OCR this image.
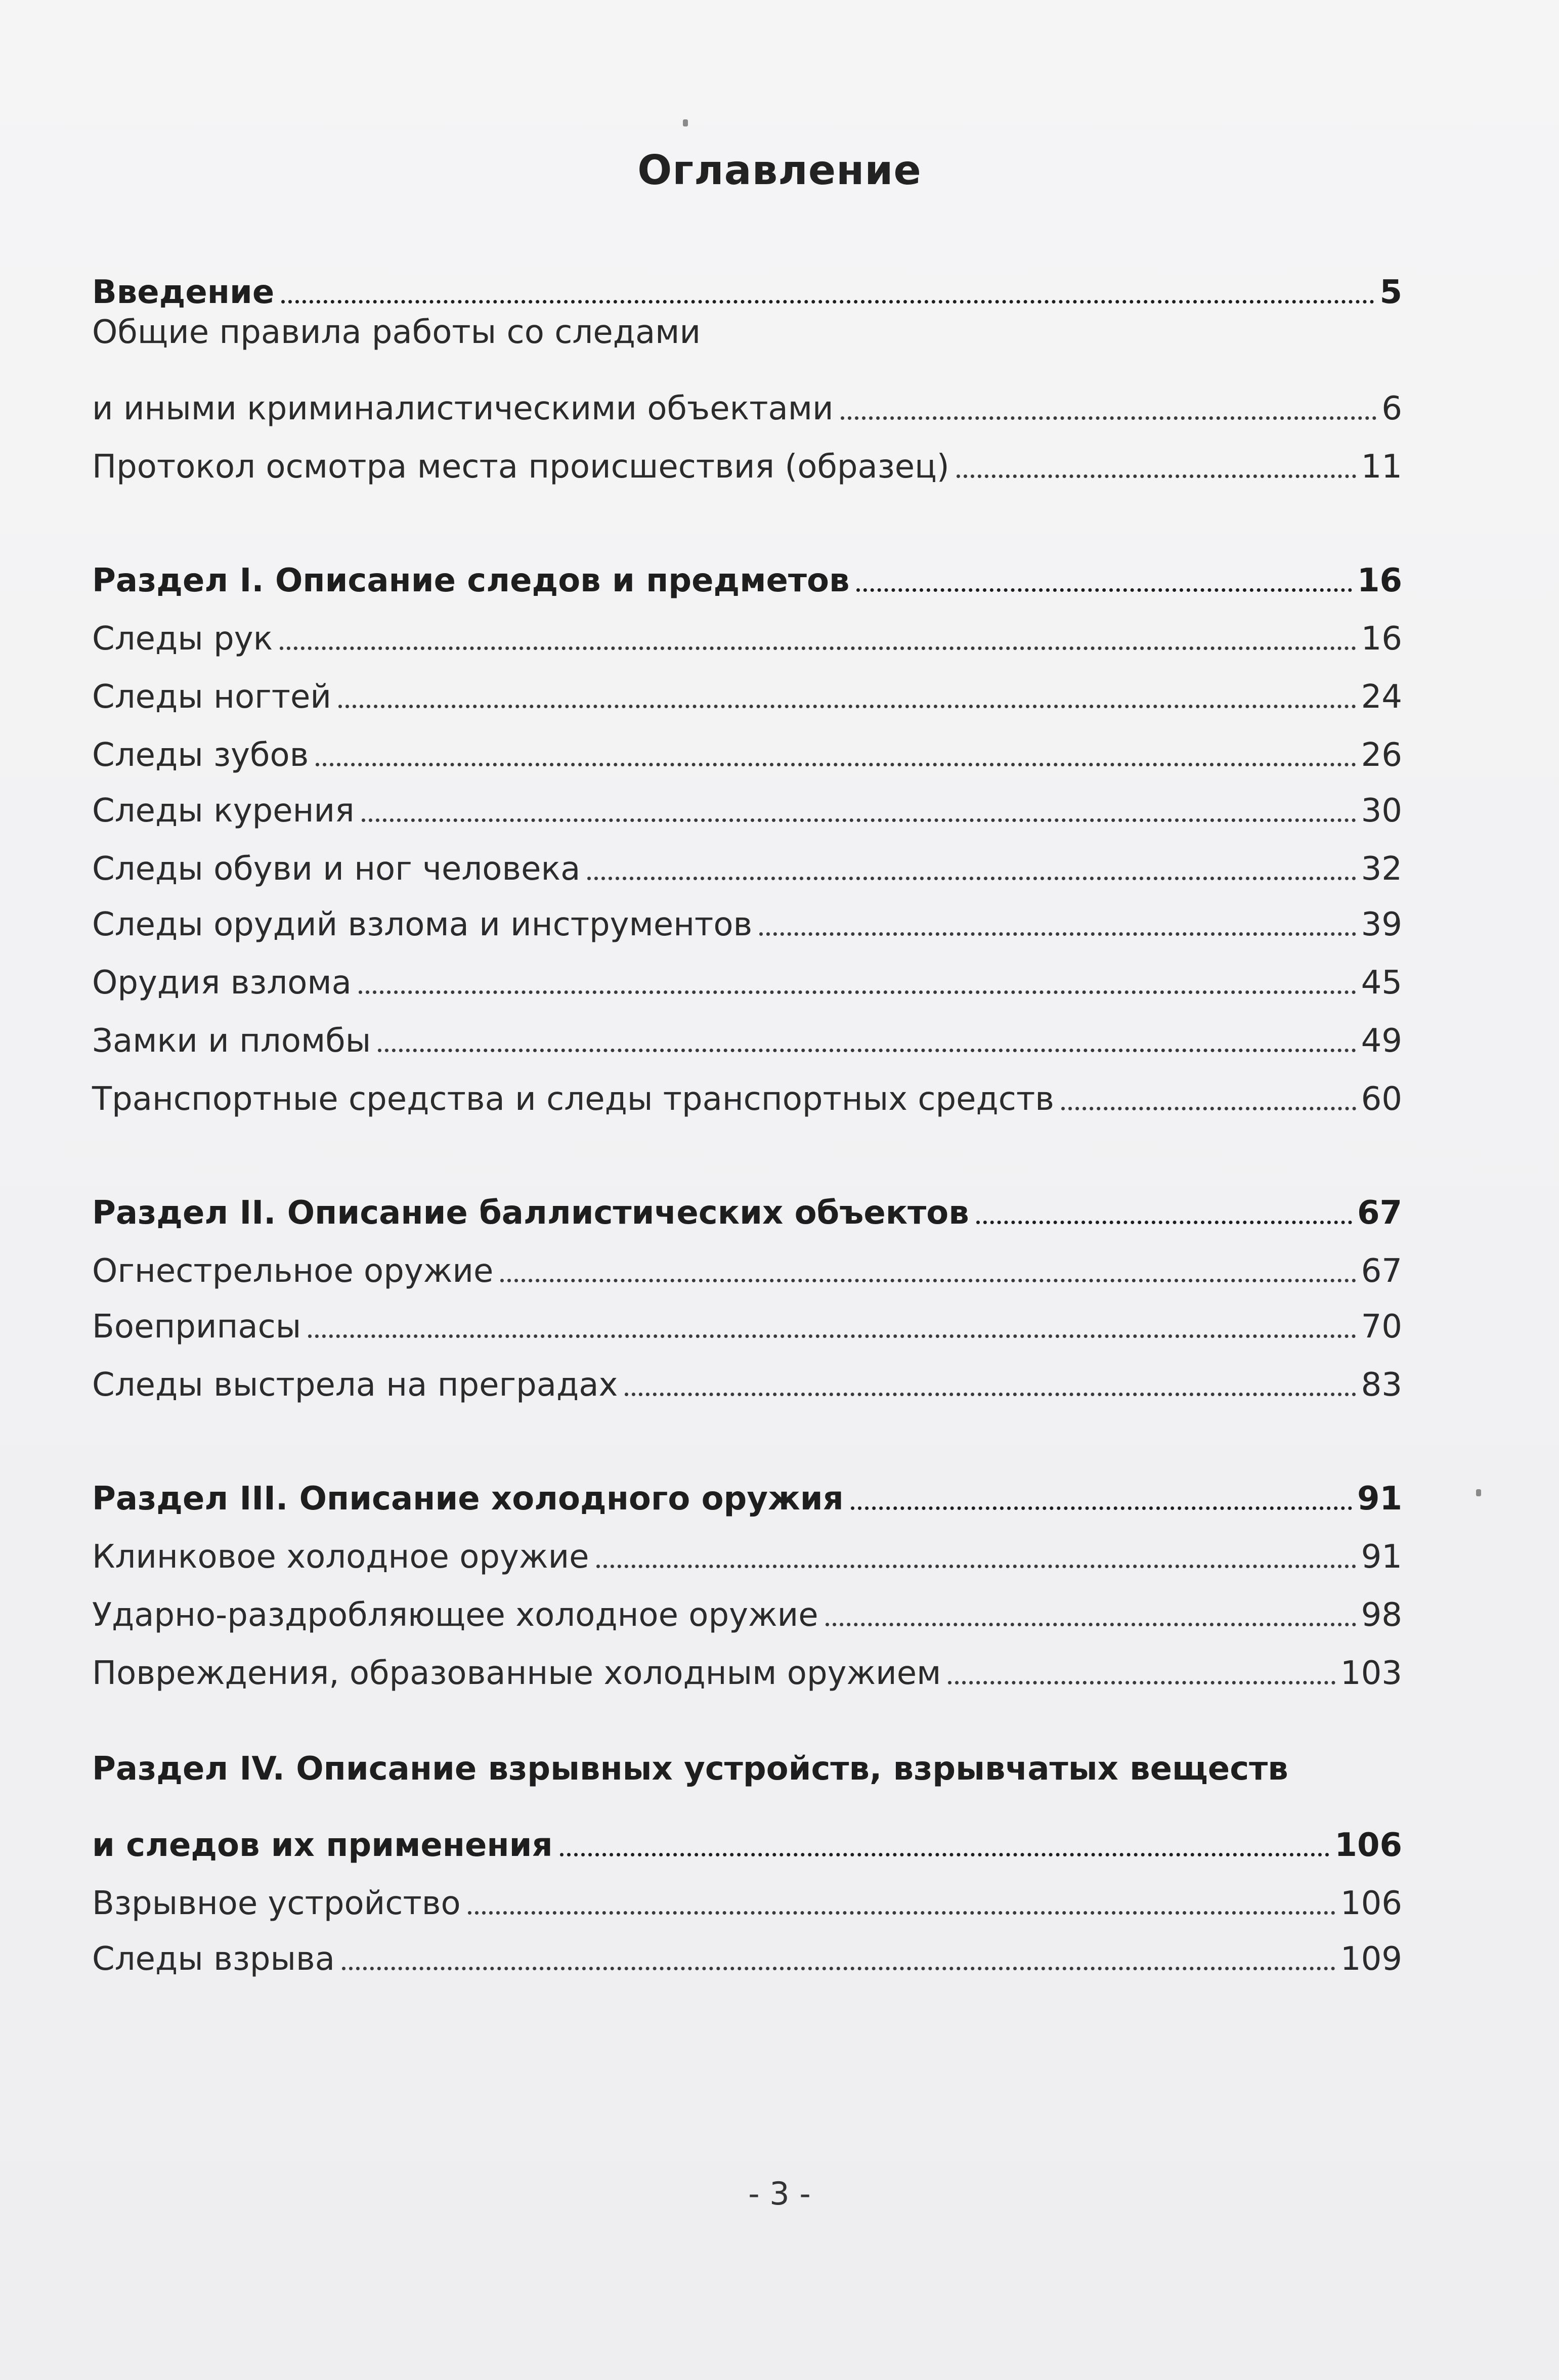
Оглавление
Введение	5
Общие правила работы со следами
и иными криминалистическими объектами	6
Протокол осмотра места происшествия (образец)	11
Раздел I. Описание следов и предметов	16
Следы рук	16
Следы ногтей	24
Следы зубов	26
Следы курения	30
Следы обуви и ног человека	32
Следы орудий взлома и инструментов	39
Орудия взлома	45
Замки и пломбы	49
Транспортные средства и следы транспортных средств	60
Раздел II. Описание баллистических объектов	67
Огнестрельное оружие	67
Боеприпасы	70
Следы выстрела на преградах	83
Раздел III. Описание холодного оружия	91
Клинковое холодное оружие	91
Ударно-раздробляющее холодное оружие	98
Повреждения, образованные холодным оружием	103
Раздел IV. Описание взрывных устройств, взрывчатых веществ
и следов их применения	106
Взрывное устройство	106
Следы взрыва	109
- 3 -
